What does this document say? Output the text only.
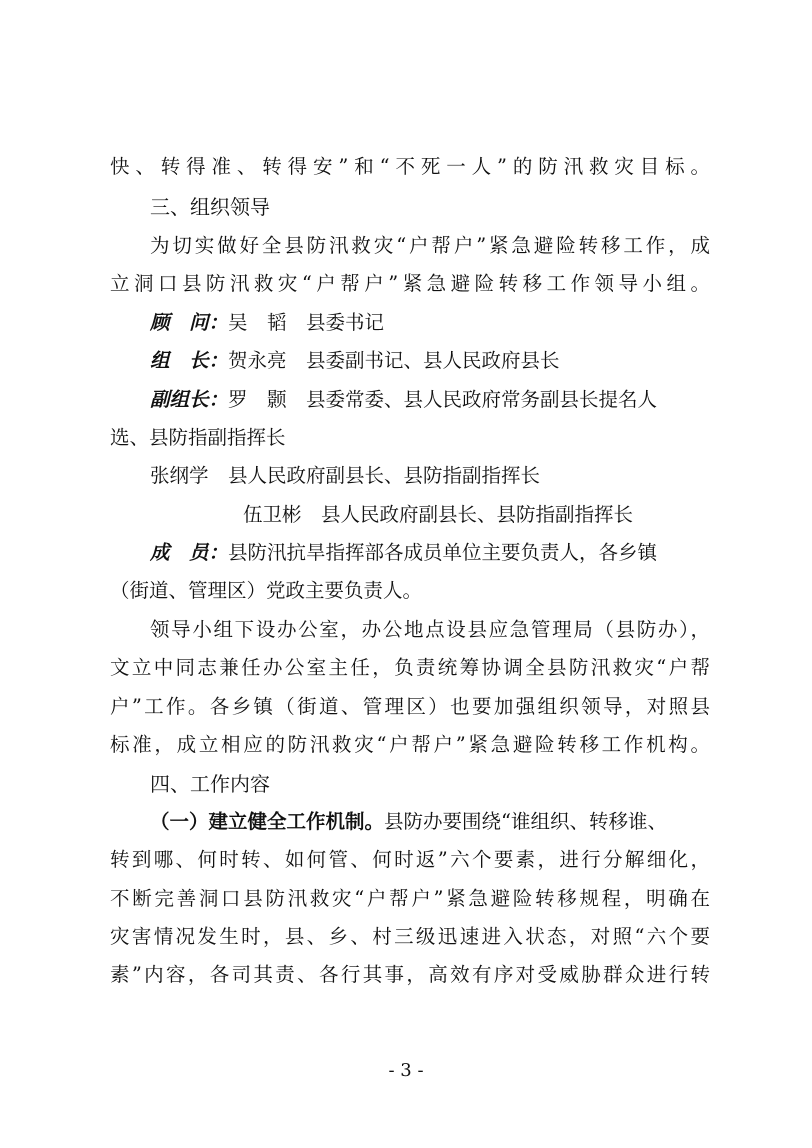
快、转得准、转得安”和“不死一人”的防汛救灾目标。
三、组织领导
为切实做好全县防汛救灾“户帮户”紧急避险转移工作，成
立洞口县防汛救灾“户帮户”紧急避险转移工作领导小组。
顾　问：吴　韬　县委书记
组　长：贺永亮　县委副书记、县人民政府县长
副组长：罗　颢　县委常委、县人民政府常务副县长提名人
选、县防指副指挥长
张纲学　县人民政府副县长、县防指副指挥长
伍卫彬　县人民政府副县长、县防指副指挥长
成　员：县防汛抗旱指挥部各成员单位主要负责人，各乡镇
（街道、管理区）党政主要负责人。
领导小组下设办公室，办公地点设县应急管理局（县防办），
文立中同志兼任办公室主任，负责统筹协调全县防汛救灾“户帮
户”工作。各乡镇（街道、管理区）也要加强组织领导，对照县
标准，成立相应的防汛救灾“户帮户”紧急避险转移工作机构。
四、工作内容
（一）建立健全工作机制。县防办要围绕“谁组织、转移谁、
转到哪、何时转、如何管、何时返”六个要素，进行分解细化，
不断完善洞口县防汛救灾“户帮户”紧急避险转移规程，明确在
灾害情况发生时，县、乡、村三级迅速进入状态，对照“六个要
素”内容，各司其责、各行其事，高效有序对受威胁群众进行转
- 3 -
